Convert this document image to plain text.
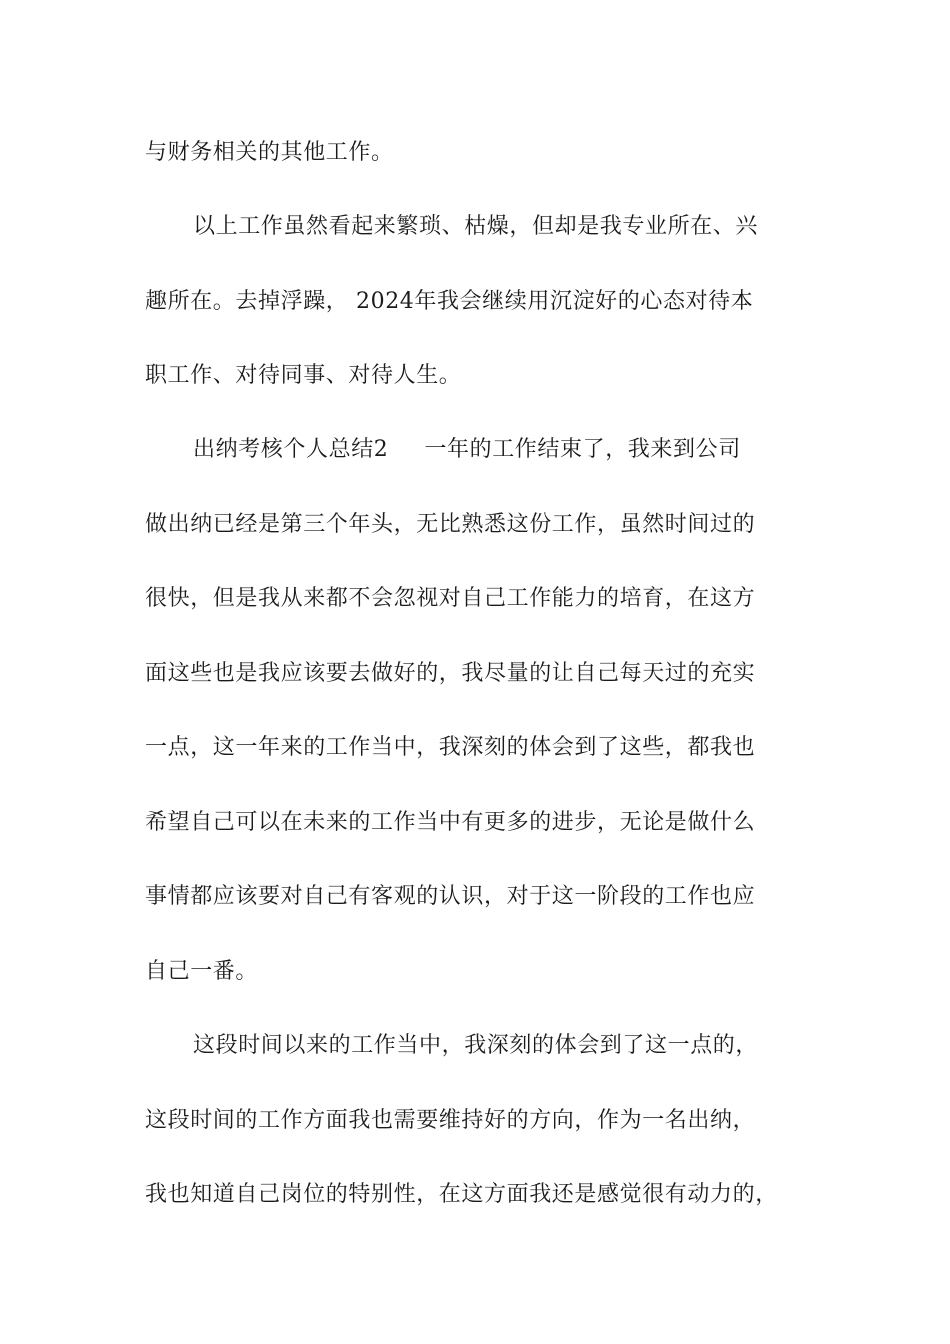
与财务相关的其他工作。
以上工作虽然看起来繁琐、枯燥，但却是我专业所在、兴
趣所在。去掉浮躁， 2024年我会继续用沉淀好的心态对待本
职工作、对待同事、对待人生。
出纳考核个人总结2 一年的工作结束了，我来到公司
做出纳已经是第三个年头，无比熟悉这份工作，虽然时间过的
很快，但是我从来都不会忽视对自己工作能力的培育，在这方
面这些也是我应该要去做好的，我尽量的让自己每天过的充实
一点，这一年来的工作当中，我深刻的体会到了这些，都我也
希望自己可以在未来的工作当中有更多的进步，无论是做什么
事情都应该要对自己有客观的认识，对于这一阶段的工作也应
自己一番。
这段时间以来的工作当中，我深刻的体会到了这一点的，
这段时间的工作方面我也需要维持好的方向，作为一名出纳，
我也知道自己岗位的特别性，在这方面我还是感觉很有动力的，
